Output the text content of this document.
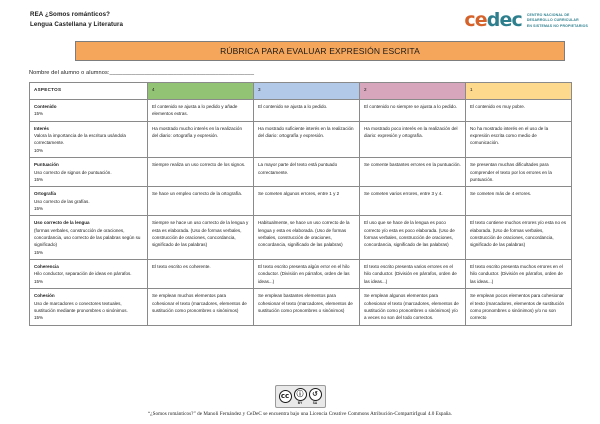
REA ¿Somos románticos?
Lengua Castellana y Literatura	cedec CENTRO NACIONAL DE
DESARROLLO CURRICULAR
EN SISTEMAS NO PROPIETARIOS
RÚBRICA PARA EVALUAR EXPRESIÓN ESCRITA
Nombre del alumno o alumnos:_____________________________________________
ASPECTOS	4	3	2	1

Contenido
15%	El contenido se ajusta a lo pedido y añade elementos extras.	El contenido se ajusta a lo pedido.	El contenido no siempre se ajusta a lo pedido.	El contenido es muy pobre.

Interés
Valora la importancia de la escritura usándola correctamente.
10%	Ha mostrado mucho interés en la realización del diario: ortografía y expresión.	Ha mostrado suficiente interés en la realización del diario: ortografía y expresión.	Ha mostrado poco interés en la realización del diario: expresión y ortografía.	No ha mostrado interés en el uso de la expresión escrita como medio de comunicación.

Puntuación
Uso correcto de signos de puntuación.
15%	Siempre realiza un uso correcto de los signos.	La mayor parte del texto está puntuado correctamente.	Se comente bastantes errores en la puntuación.	Se presentan muchas dificultades para comprender el texto por los errores en la puntuación.

Ortografía
Uso correcto de las grafías.
15%	Se hace un empleo correcto de la ortografía.	Se cometen algunos errores, entre 1 y 2	Se cometen varios errores, entre 3 y 4.	Se cometen más de 4 errores.

Uso correcto de la lengua
(formas verbales, construcción de oraciones, concordancia, uso correcto de las palabras según su significado)
15%	Siempre se hace un uso correcto de la lengua y esta es elaborada. (Uso de formas verbales, construcción de oraciones, concordancia, significado de las palabras)	Habitualmente, se hace un uso correcto de la lengua y esta es elaborada. (Uso de formas verbales, construcción de oraciones, concordancia, significado de las palabras)	El uso que se hace de la lengua es poco correcto y/o esta es poco elaborada. (Uso de formas verbales, construcción de oraciones, concordancia, significado de las palabras)	El texto contiene muchos errores y/o esta no es elaborada. (Uso de formas verbales, construcción de oraciones, concordancia, significado de las palabras)

Coherencia
Hilo conductor, separación de ideas en párrafos.
15%	El texto escrito es coherente.	El texto escrito presenta algún error en el hilo conductor. (División en párrafos, orden de las ideas...)	El texto escrito presenta varios errores en el hilo conductor. (División en párrafos, orden de las ideas...)	El texto escrito presenta muchos errores en el hilo conductor. (División en párrafos, orden de las ideas...)

Cohesión
Uso de marcadores o conectores textuales, sustitución mediante pronombres o sinónimos.
15%	Se emplean muchos elementos para cohesionar el texto (marcadores, elementos de sustitución como pronombres o sinónimos)	Se emplean bastantes elementos para cohesionar el texto (marcadores, elementos de sustitución como pronombres o sinónimos)	Se emplean algunos elementos para cohesionar el texto (marcadores, elementos de sustitución como pronombres o sinónimos) y/o a veces no son del todo correctos.	Se emplean pocos elementos para cohesionar el texto (marcadores, elementos de sustitución como pronombres o sinónimos) y/o no son correcto
cc	ⓘ
BY
↺
SA
“¿Somos románticos?” de Manoli Fernández y CeDeC se encuentra bajo una Licencia Creative Commons Atribución-CompartirIgual 4.0 España.
